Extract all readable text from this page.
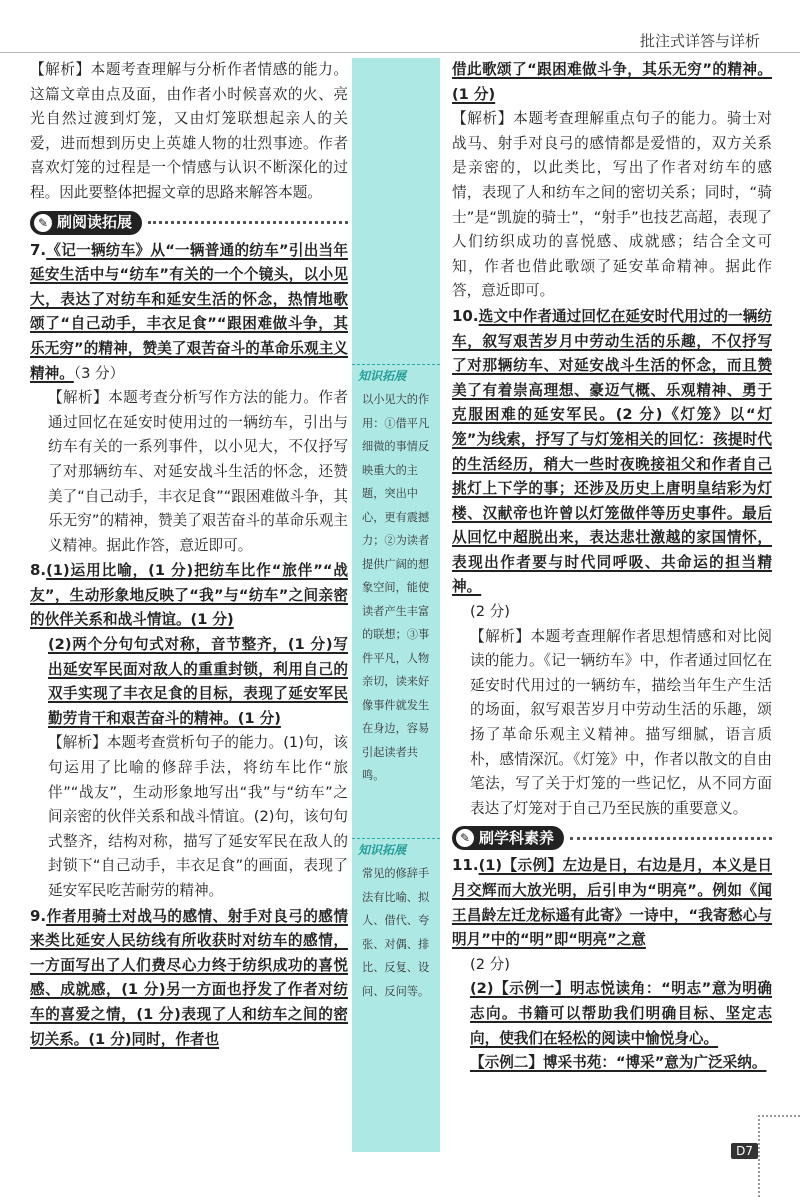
批注式详答与详析

【解析】本题考查理解与分析作者情感的能力。这篇文章由点及面，由作者小时候喜欢的火、亮光自然过渡到灯笼，又由灯笼联想起亲人的关爱，进而想到历史上英雄人物的壮烈事迹。作者喜欢灯笼的过程是一个情感与认识不断深化的过程。因此要整体把握文章的思路来解答本题。

✎ 刷阅读拓展

7.《记一辆纺车》从“一辆普通的纺车”引出当年延安生活中与“纺车”有关的一个个镜头，以小见大，表达了对纺车和延安生活的怀念，热情地歌颂了“自己动手，丰衣足食”“跟困难做斗争，其乐无穷”的精神，赞美了艰苦奋斗的革命乐观主义精神。（3 分）

【解析】本题考查分析写作方法的能力。作者通过回忆在延安时使用过的一辆纺车，引出与纺车有关的一系列事件，以小见大，不仅抒写了对那辆纺车、对延安战斗生活的怀念，还赞美了“自己动手，丰衣足食”“跟困难做斗争，其乐无穷”的精神，赞美了艰苦奋斗的革命乐观主义精神。据此作答，意近即可。

8.(1)运用比喻，(1 分)把纺车比作“旅伴”“战友”，生动形象地反映了“我”与“纺车”之间亲密的伙伴关系和战斗情谊。(1 分)

(2)两个分句句式对称，音节整齐，(1 分)写出延安军民面对敌人的重重封锁，利用自己的双手实现了丰衣足食的目标，表现了延安军民勤劳肯干和艰苦奋斗的精神。(1 分)

【解析】本题考查赏析句子的能力。(1)句，该句运用了比喻的修辞手法，将纺车比作“旅伴”“战友”，生动形象地写出“我”与“纺车”之间亲密的伙伴关系和战斗情谊。(2)句，该句句式整齐，结构对称，描写了延安军民在敌人的封锁下“自己动手，丰衣足食”的画面，表现了延安军民吃苦耐劳的精神。

9.作者用骑士对战马的感情、射手对良弓的感情来类比延安人民纺线有所收获时对纺车的感情，一方面写出了人们费尽心力终于纺织成功的喜悦感、成就感，(1 分)另一方面也抒发了作者对纺车的喜爱之情，(1 分)表现了人和纺车之间的密切关系。(1 分)同时，作者也

知识拓展
以小见大的作用：①借平凡细微的事情反映重大的主题，突出中心，更有震撼力；②为读者提供广阔的想象空间，能使读者产生丰富的联想；③事件平凡，人物亲切，读来好像事件就发生在身边，容易引起读者共鸣。
知识拓展
常见的修辞手法有比喻、拟人、借代、夸张、对偶、排比、反复、设问、反问等。

借此歌颂了“跟困难做斗争，其乐无穷”的精神。(1 分)

【解析】本题考查理解重点句子的能力。骑士对战马、射手对良弓的感情都是爱惜的，双方关系是亲密的，以此类比，写出了作者对纺车的感情，表现了人和纺车之间的密切关系；同时，“骑士”是“凯旋的骑士”，“射手”也技艺高超，表现了人们纺织成功的喜悦感、成就感；结合全文可知，作者也借此歌颂了延安革命精神。据此作答，意近即可。

10.选文中作者通过回忆在延安时代用过的一辆纺车，叙写艰苦岁月中劳动生活的乐趣，不仅抒写了对那辆纺车、对延安战斗生活的怀念，而且赞美了有着崇高理想、豪迈气概、乐观精神、勇于克服困难的延安军民。(2 分)《灯笼》以“灯笼”为线索，抒写了与灯笼相关的回忆：孩提时代的生活经历，稍大一些时夜晚接祖父和作者自己挑灯上下学的事；还涉及历史上唐明皇结彩为灯楼、汉献帝也许曾以灯笼做伴等历史事件。最后从回忆中超脱出来，表达悲壮激越的家国情怀，表现出作者要与时代同呼吸、共命运的担当精神。

(2 分)

【解析】本题考查理解作者思想情感和对比阅读的能力。《记一辆纺车》中，作者通过回忆在延安时代用过的一辆纺车，描绘当年生产生活的场面，叙写艰苦岁月中劳动生活的乐趣，颂扬了革命乐观主义精神。描写细腻，语言质朴，感情深沉。《灯笼》中，作者以散文的自由笔法，写了关于灯笼的一些记忆，从不同方面表达了灯笼对于自己乃至民族的重要意义。

✎ 刷学科素养

11.(1)【示例】左边是日，右边是月，本义是日月交辉而大放光明，后引申为“明亮”。例如《闻王昌龄左迁龙标遥有此寄》一诗中，“我寄愁心与明月”中的“明”即“明亮”之意

(2 分)

(2)【示例一】明志悦读角：“明志”意为明确志向。书籍可以帮助我们明确目标、坚定志向，使我们在轻松的阅读中愉悦身心。

【示例二】博采书苑：“博采”意为广泛采纳。

D7
